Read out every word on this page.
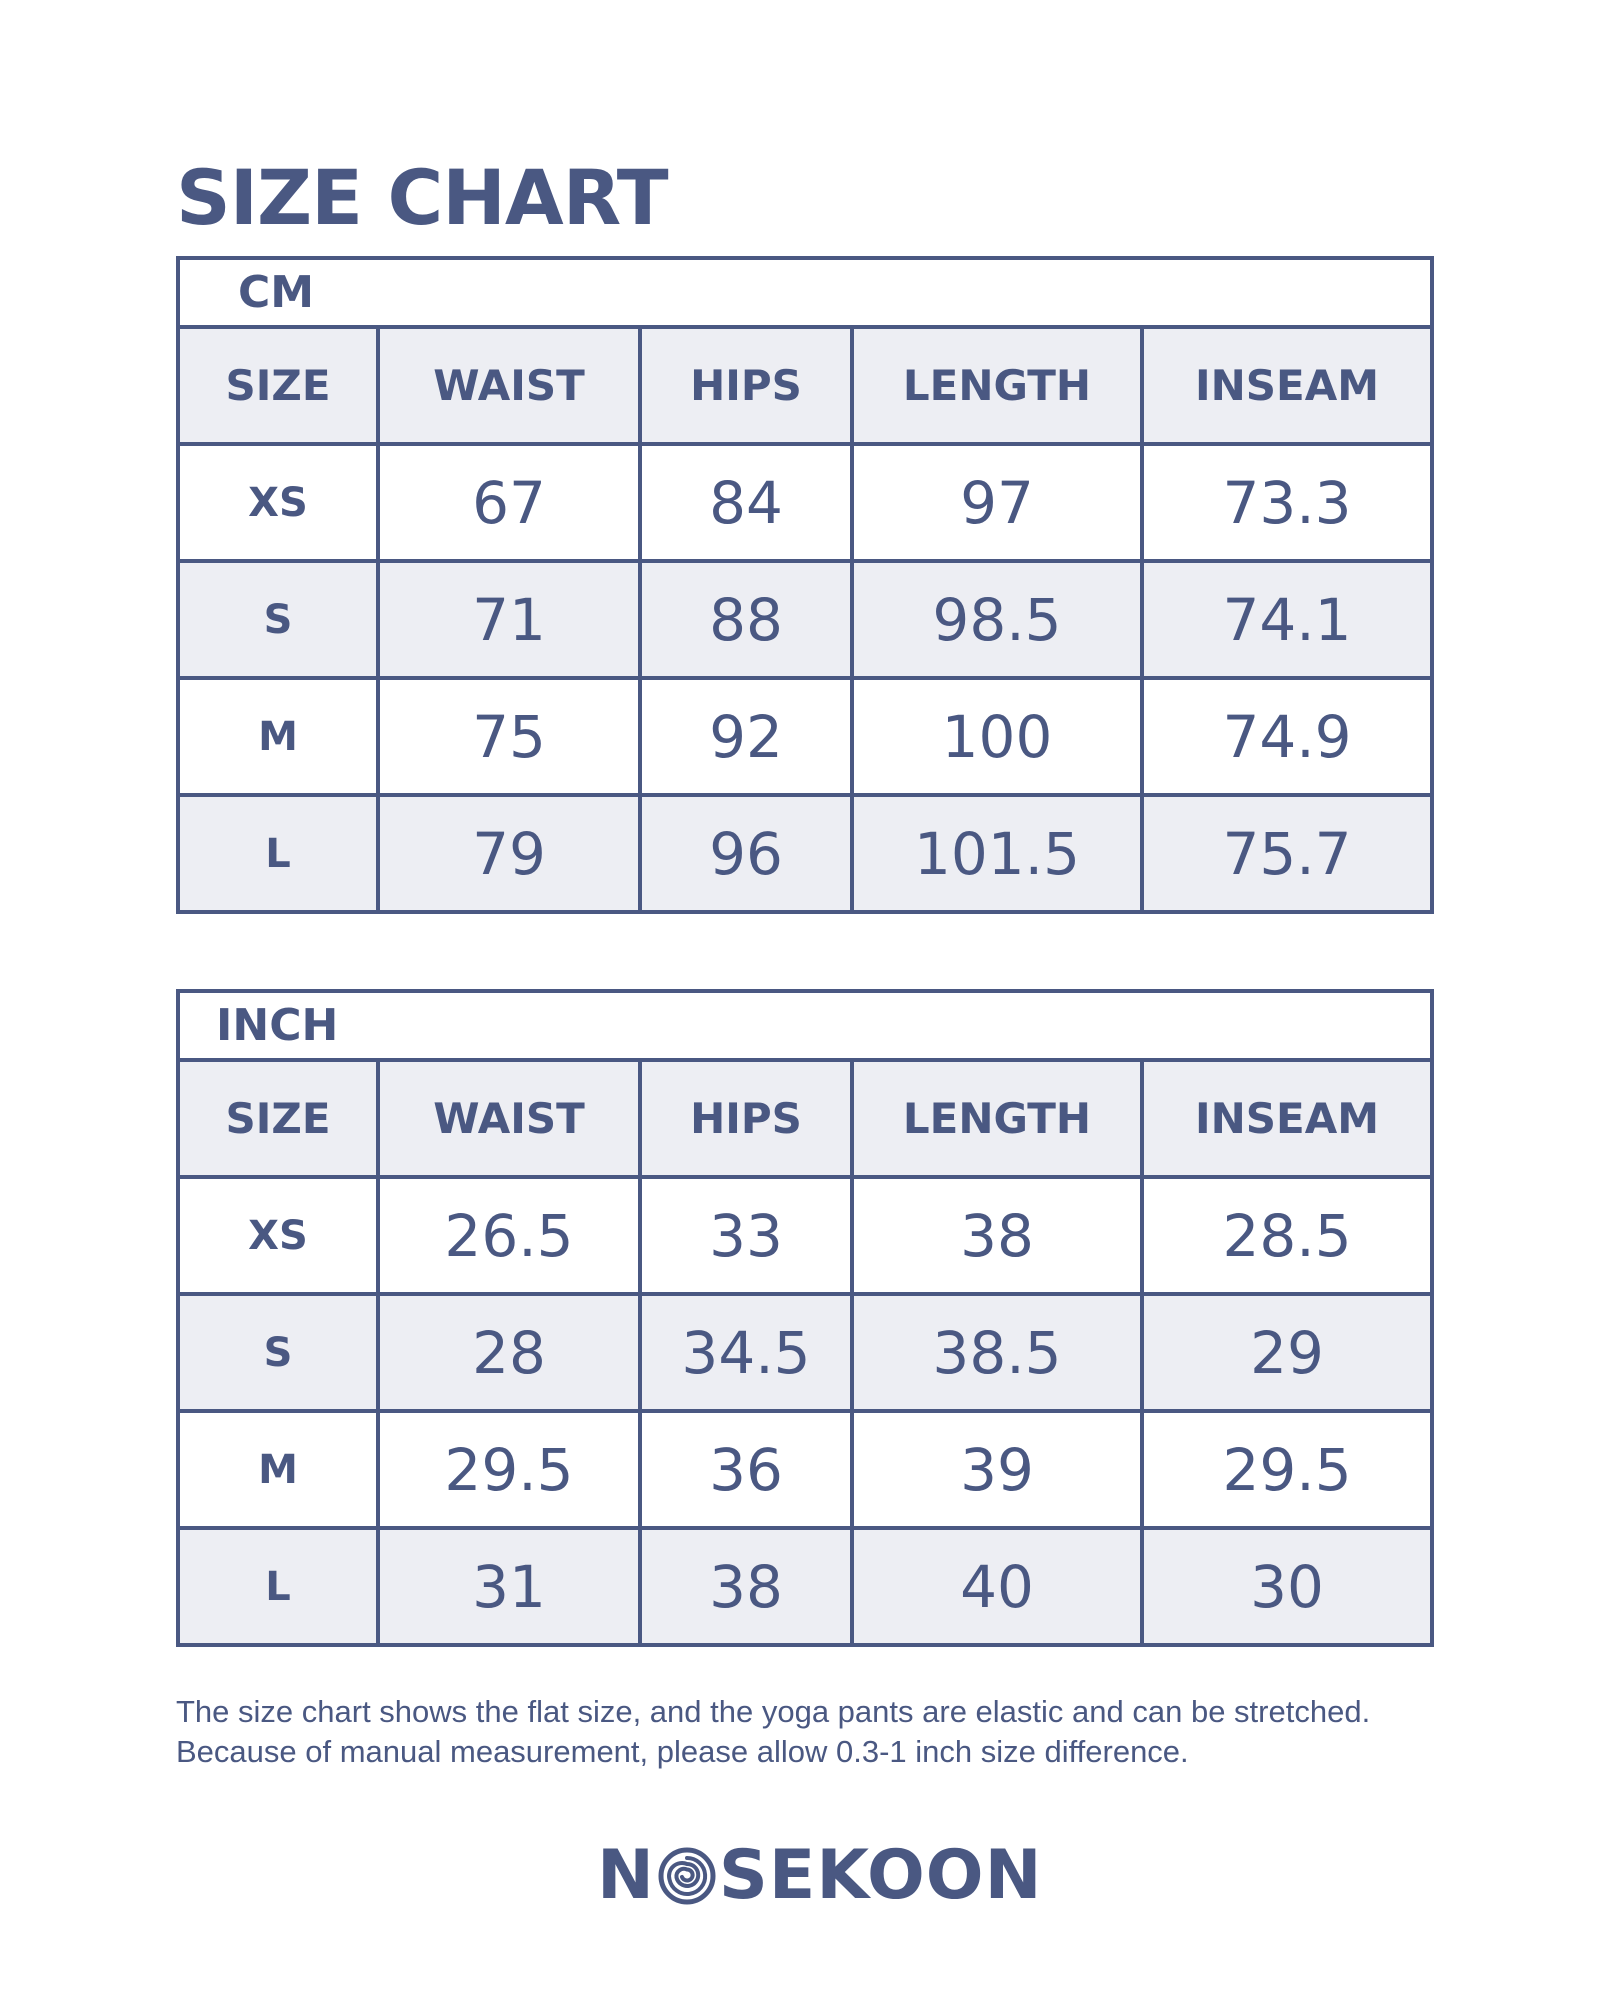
SIZE CHART
CM				
SIZE	WAIST	HIPS	LENGTH	INSEAM
XS	67	84	97	73.3
S	71	88	98.5	74.1
M	75	92	100	74.9
L	79	96	101.5	75.7
INCH				
SIZE	WAIST	HIPS	LENGTH	INSEAM
XS	26.5	33	38	28.5
S	28	34.5	38.5	29
M	29.5	36	39	29.5
L	31	38	40	30

The size chart shows the flat size, and the yoga pants are elastic and can be stretched.

Because of manual measurement, please allow 0.3-1 inch size difference.

N SEKOON
